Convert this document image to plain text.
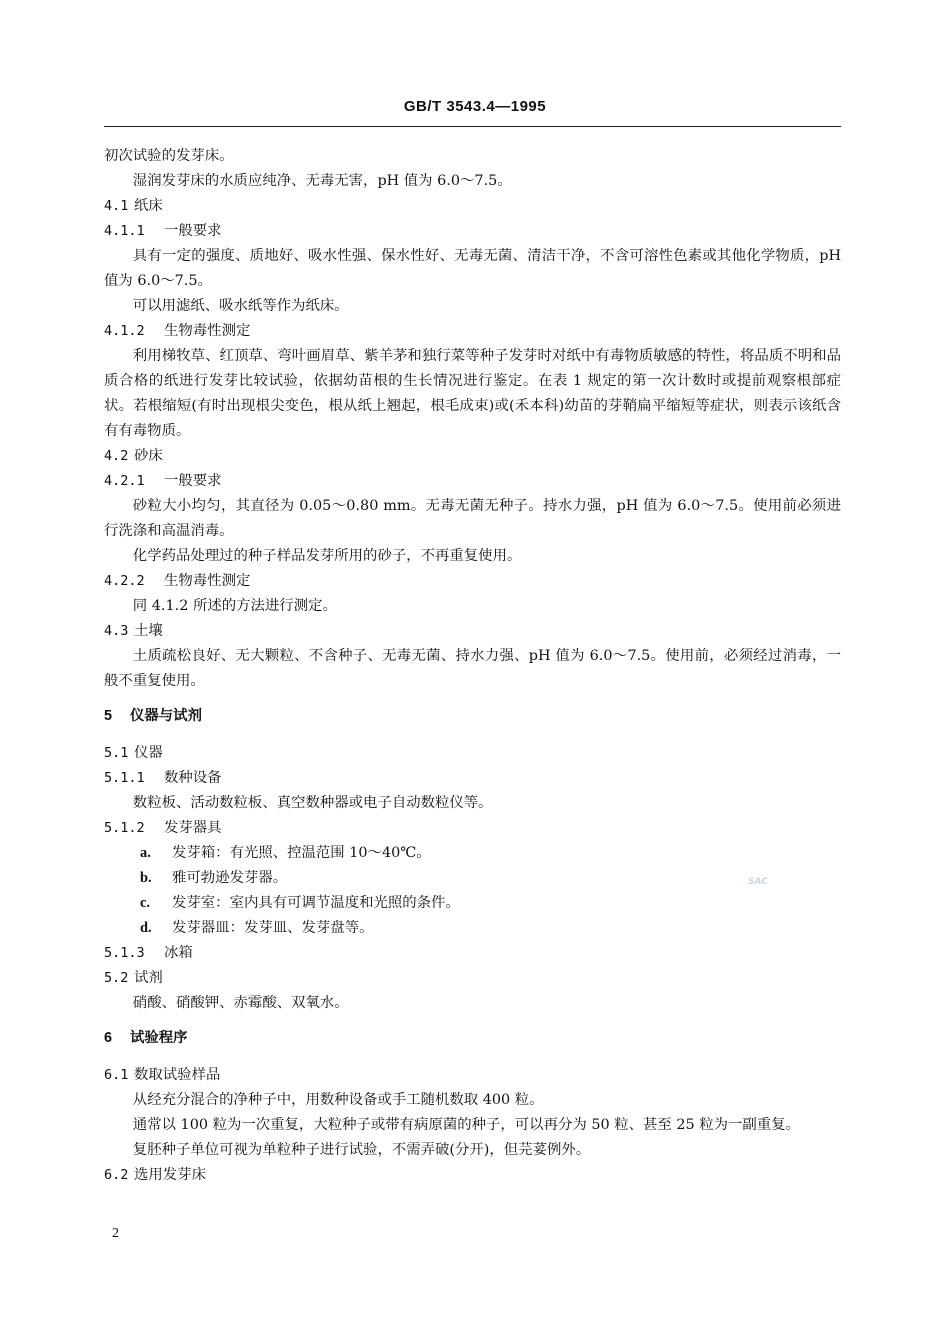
GB/T 3543.4—1995
初次试验的发芽床。
湿润发芽床的水质应纯净、无毒无害，pH 值为 6.0～7.5。
4.1 纸床
4.1.1 一般要求
具有一定的强度、质地好、吸水性强、保水性好、无毒无菌、清洁干净，不含可溶性色素或其他化学物质，pH 值为 6.0～7.5。
可以用滤纸、吸水纸等作为纸床。
4.1.2 生物毒性测定
利用梯牧草、红顶草、弯叶画眉草、紫羊茅和独行菜等种子发芽时对纸中有毒物质敏感的特性，将品质不明和品质合格的纸进行发芽比较试验，依据幼苗根的生长情况进行鉴定。在表 1 规定的第一次计数时或提前观察根部症状。若根缩短(有时出现根尖变色，根从纸上翘起，根毛成束)或(禾本科)幼苗的芽鞘扁平缩短等症状，则表示该纸含有有毒物质。
4.2 砂床
4.2.1 一般要求
砂粒大小均匀，其直径为 0.05～0.80 mm。无毒无菌无种子。持水力强，pH 值为 6.0～7.5。使用前必须进行洗涤和高温消毒。
化学药品处理过的种子样品发芽所用的砂子，不再重复使用。
4.2.2 生物毒性测定
同 4.1.2 所述的方法进行测定。
4.3 土壤
土质疏松良好、无大颗粒、不含种子、无毒无菌、持水力强、pH 值为 6.0～7.5。使用前，必须经过消毒，一般不重复使用。
5 仪器与试剂
5.1 仪器
5.1.1 数种设备
数粒板、活动数粒板、真空数种器或电子自动数粒仪等。
5.1.2 发芽器具
a. 发芽箱：有光照、控温范围 10～40℃。
b. 雅可勃逊发芽器。
c. 发芽室：室内具有可调节温度和光照的条件。
d. 发芽器皿：发芽皿、发芽盘等。
5.1.3 冰箱
5.2 试剂
硝酸、硝酸钾、赤霉酸、双氧水。
6 试验程序
6.1 数取试验样品
从经充分混合的净种子中，用数种设备或手工随机数取 400 粒。
通常以 100 粒为一次重复，大粒种子或带有病原菌的种子，可以再分为 50 粒、甚至 25 粒为一副重复。
复胚种子单位可视为单粒种子进行试验，不需弄破(分开)，但芫荽例外。
6.2 选用发芽床
2
SAC
